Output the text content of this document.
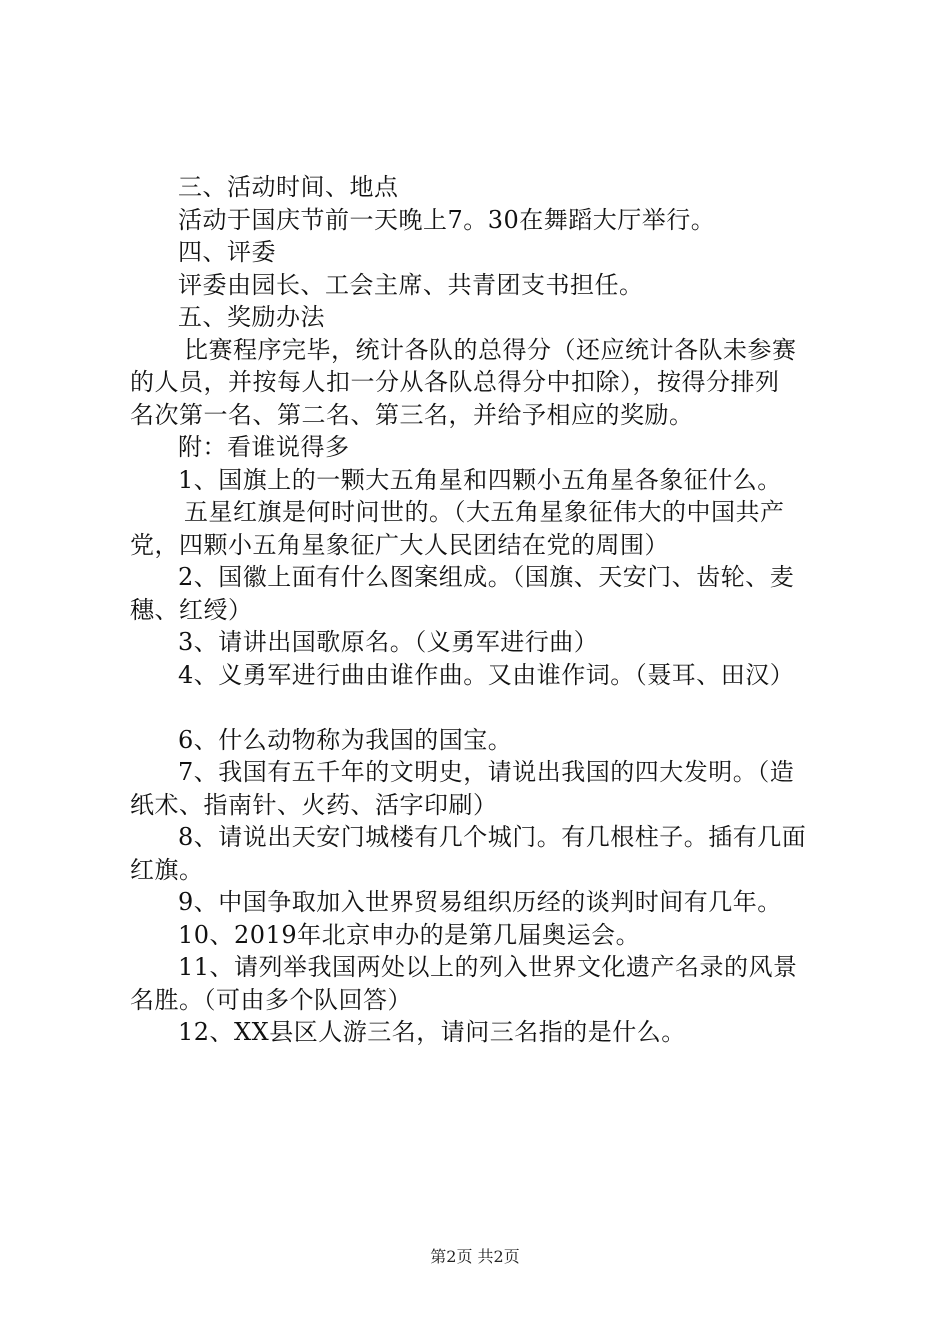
三、活动时间、地点

活动于国庆节前一天晚上7。30在舞蹈大厅举行。

四、评委

评委由园长、工会主席、共青团支书担任。

五、奖励办法

比赛程序完毕，统计各队的总得分（还应统计各队未参赛

的人员，并按每人扣一分从各队总得分中扣除），按得分排列

名次第一名、第二名、第三名，并给予相应的奖励。

附：看谁说得多

1、国旗上的一颗大五角星和四颗小五角星各象征什么。

五星红旗是何时问世的。（大五角星象征伟大的中国共产

党，四颗小五角星象征广大人民团结在党的周围）

2、国徽上面有什么图案组成。（国旗、天安门、齿轮、麦

穗、红绶）

3、请讲出国歌原名。（义勇军进行曲）

4、义勇军进行曲由谁作曲。又由谁作词。（聂耳、田汉）

6、什么动物称为我国的国宝。

7、我国有五千年的文明史，请说出我国的四大发明。（造

纸术、指南针、火药、活字印刷）

8、请说出天安门城楼有几个城门。有几根柱子。插有几面

红旗。

9、中国争取加入世界贸易组织历经的谈判时间有几年。

10、2019年北京申办的是第几届奥运会。

11、请列举我国两处以上的列入世界文化遗产名录的风景

名胜。（可由多个队回答）

12、XX县区人游三名，请问三名指的是什么。

第2页 共2页
